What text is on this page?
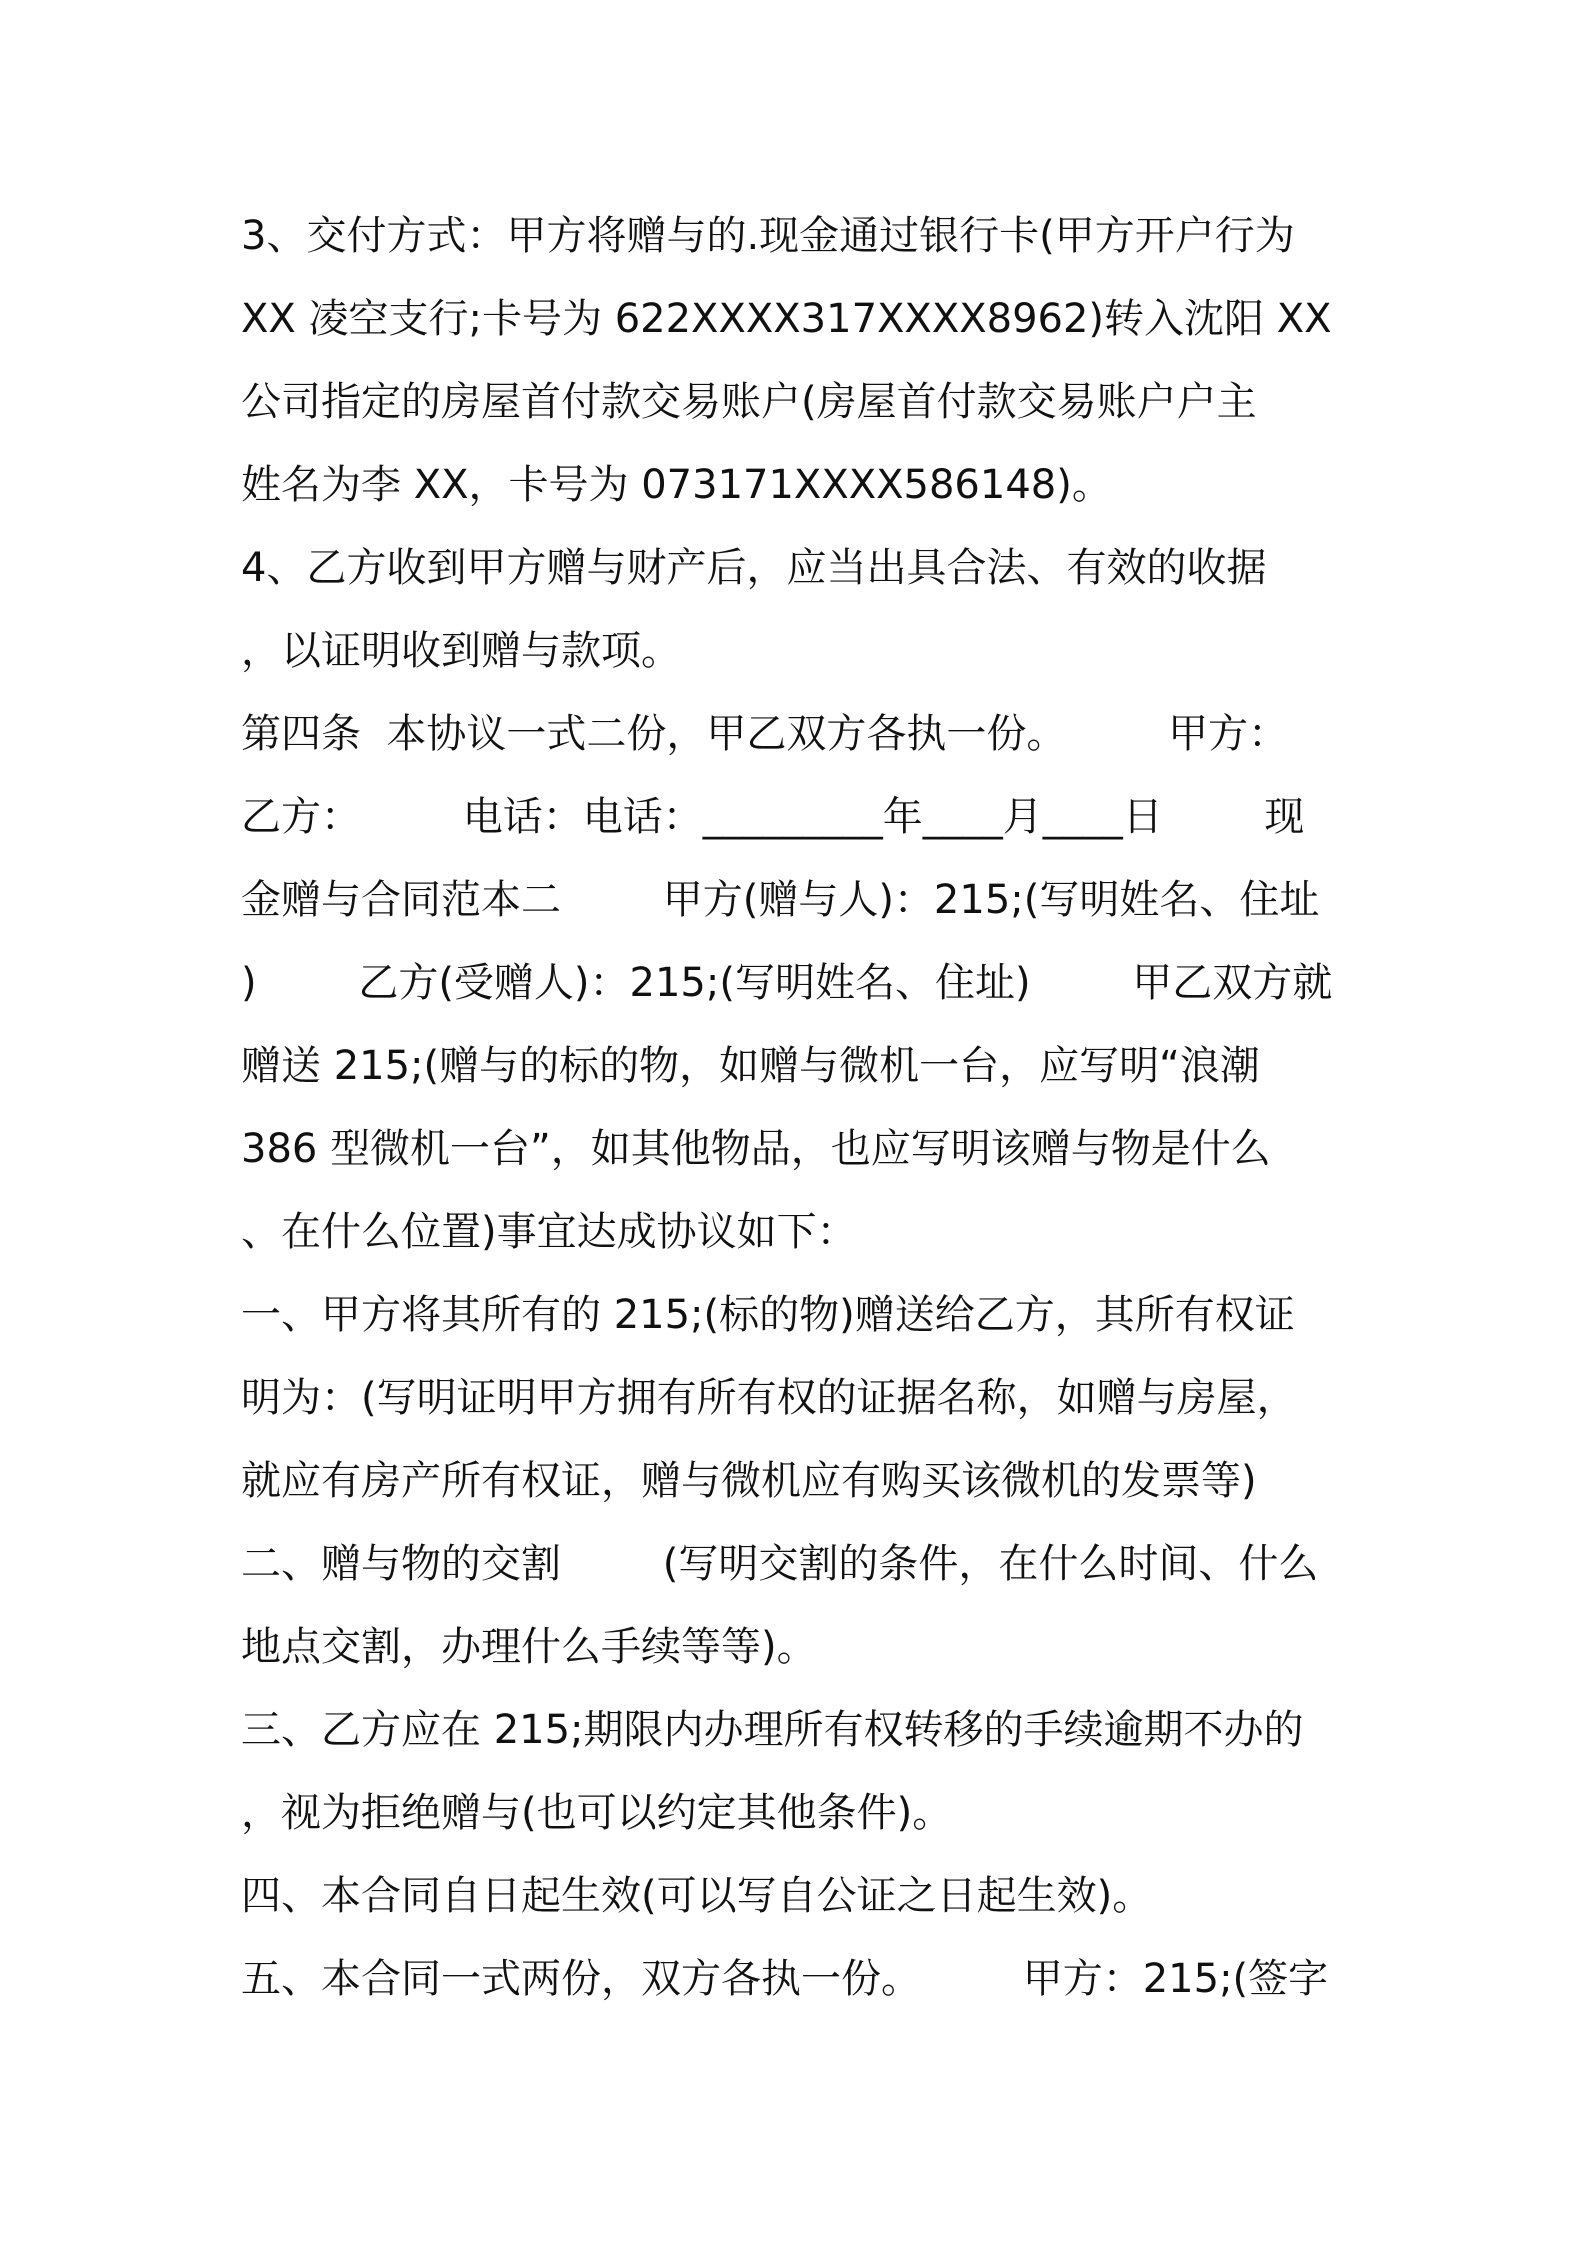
3、交付方式：甲方将赠与的.现金通过银行卡(甲方开户行为
XX 凌空支行;卡号为 622XXXX317XXXX8962)转入沈阳 XX
公司指定的房屋首付款交易账户(房屋首付款交易账户户主
姓名为李 XX，卡号为 073171XXXX586148)。
4、乙方收到甲方赠与财产后，应当出具合法、有效的收据
，以证明收到赠与款项。
第四条  本协议一式二份，甲乙双方各执一份。        甲方：
乙方：        电话：电话：_________年____月____日        现
金赠与合同范本二        甲方(赠与人)：215;(写明姓名、住址
)        乙方(受赠人)：215;(写明姓名、住址)        甲乙双方就
赠送 215;(赠与的标的物，如赠与微机一台，应写明“浪潮
386 型微机一台”，如其他物品，也应写明该赠与物是什么
、在什么位置)事宜达成协议如下：
一、甲方将其所有的 215;(标的物)赠送给乙方，其所有权证
明为：(写明证明甲方拥有所有权的证据名称，如赠与房屋，
就应有房产所有权证，赠与微机应有购买该微机的发票等)
二、赠与物的交割        (写明交割的条件，在什么时间、什么
地点交割，办理什么手续等等)。
三、乙方应在 215;期限内办理所有权转移的手续逾期不办的
，视为拒绝赠与(也可以约定其他条件)。
四、本合同自日起生效(可以写自公证之日起生效)。
五、本合同一式两份，双方各执一份。        甲方：215;(签字
